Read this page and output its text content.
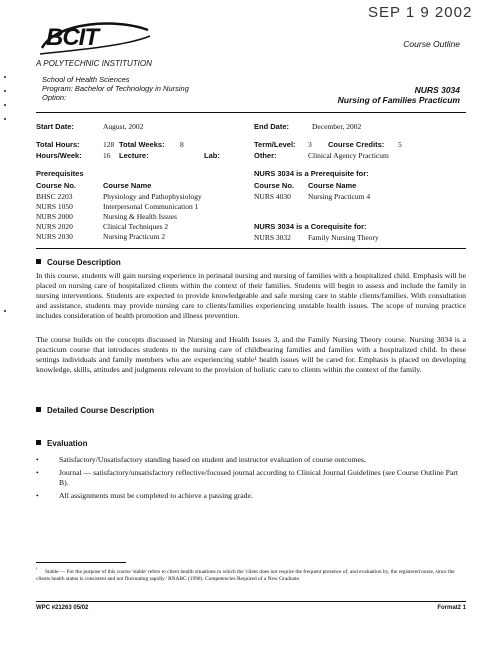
SEP 1 9 2002
BCIT
A POLYTECHNIC INSTITUTION
School of Health Sciences
Program: Bachelor of Technology in Nursing
Option:
Course Outline
NURS 3034
Nursing of Families Practicum
Start Date:	August, 2002	End Date:	December, 2002
Total Hours:	128 Total Weeks: 8	Term/Level: 3 Course Credits: 5
Hours/Week:	16 Lecture:	Lab:	Other:	Clinical Agency Practicum
Prerequisites
Course No.	Course Name
BHSC 2203	Physiology and Pathophysiology
NURS 1050	Interpersonal Communication 1
NURS 2000	Nursing & Health Issues
NURS 2020	Clinical Techniques 2
NURS 2030	Nursing Practicum 2
NURS 3034 is a Prerequisite for:
Course No. Course Name
NURS 4030 Nursing Practicum 4
NURS 3034 is a Corequisite for:
NURS 3032 Family Nursing Theory
Course Description
In this course, students will gain nursing experience in perinatal nursing and nursing of families with a hospitalized child. Emphasis will be placed on nursing care of hospitalized clients within the context of their families. Students will begin to assess and include the family in nursing interventions. Students are expected to provide knowledgeable and safe nursing care to stable clients/families. With consultation and assistance, students may provide nursing care to clients/families experiencing unstable health issues. The scope of nursing practice includes consideration of health promotion and illness prevention.
The course builds on the concepts discussed in Nursing and Health Issues 3, and the Family Nursing Theory course. Nursing 3034 is a practicum course that introduces students to the nursing care of childbearing families and families with a hospitalized child. In these settings individuals and family members who are experiencing stable¹ health issues will be cared for. Emphasis is placed on developing knowledge, skills, attitudes and judgments relevant to the provision of holistic care to clients within the context of the family.
Detailed Course Description
Evaluation
•	Satisfactory/Unsatisfactory standing based on student and instructor evaluation of course outcomes.
•	Journal — satisfactory/unsatisfactory reflective/focused journal according to Clinical Journal Guidelines (see Course Outline Part B).
•	All assignments must be completed to achieve a passing grade.
¹ Stable — For the purpose of this course 'stable' refers to client health situations in which the 'client does not require the frequent presence of, and evaluation by, the registered nurse, since the clients health status is consistent and not fluctuating rapidly.' RNABC (1998). Competencies Required of a New Graduate.
WPC #21263 05/02	Format2 1
